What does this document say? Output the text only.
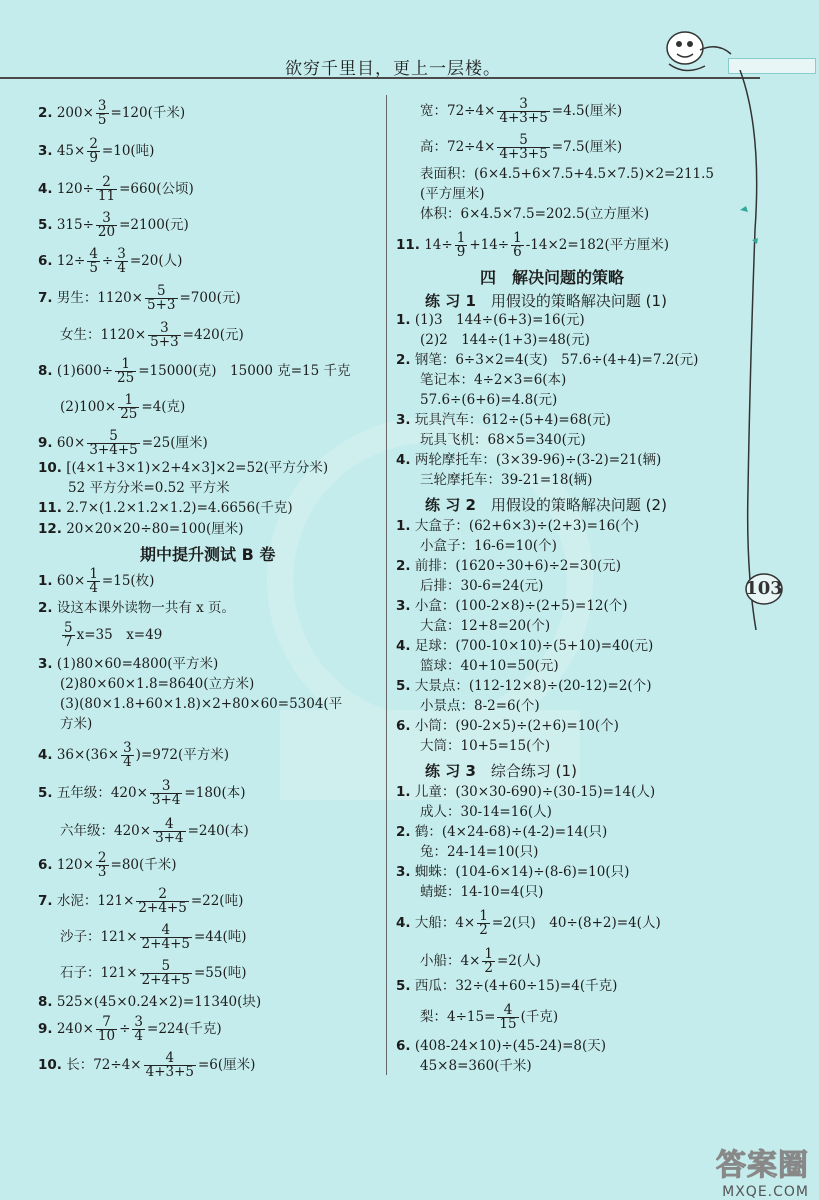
欲穷千里目，更上一层楼。
103
2. $200\times \frac{3}{5} =120$(千米)
3. $45\times \frac{2}{9} =10$(吨)
4. $120\div \frac{2}{11} =660$(公顷)
5. $315\div \frac{3}{20} =2100$(元)
6. $12\div \frac{4}{5} \div \frac{3}{4} =20$(人)
7. 男生：$1120\times \frac{5}{5+3} =700$(元)
女生：$1120\times \frac{3}{5+3} =420$(元)
8. $(1)600\div \frac{1}{25} =15000$(克)　15000 克=15 千克
$(2)100\times \frac{1}{25} =4$(克)
9. $60\times \frac{5}{3+4+5} =25$(厘米)
10. [(4×1+3×1)×2+4×3]×2=52(平方分米)
52 平方分米=0.52 平方米
11. 2.7×(1.2×1.2×1.2)=4.6656(千克)
12. 20×20×20÷80=100(厘米)
期中提升测试 B 卷
1. $60\times \frac{1}{4} =15$(枚)
2. 设这本课外读物一共有 x 页。
$\frac{5}{7} x=35$　x=49
3. (1)80×60=4800(平方米)
(2)80×60×1.8=8640(立方米)
(3)(80×1.8+60×1.8)×2+80×60=5304(平
方米)
4. $36\times(36\times \frac{3}{4} )=972$(平方米)
5. 五年级：$420\times \frac{3}{3+4} =180$(本)
六年级：$420\times \frac{4}{3+4} =240$(本)
6. $120\times \frac{2}{3} =80$(千米)
7. 水泥：$121\times \frac{2}{2+4+5} =22$(吨)
沙子：$121\times \frac{4}{2+4+5} =44$(吨)
石子：$121\times \frac{5}{2+4+5} =55$(吨)
8. 525×(45×0.24×2)=11340(块)
9. $240\times \frac{7}{10} \div \frac{3}{4} =224$(千克)
10. 长：$72\div 4\times \frac{4}{4+3+5} =6$(厘米)
宽：$72\div 4\times \frac{3}{4+3+5} =4.5$(厘米)
高：$72\div 4\times \frac{5}{4+3+5} =7.5$(厘米)
表面积：(6×4.5+6×7.5+4.5×7.5)×2=211.5
(平方厘米)
体积：6×4.5×7.5=202.5(立方厘米)
11. $14\div \frac{1}{9} +14\div \frac{1}{6} -14\times 2=182$(平方厘米)
四　解决问题的策略
练 习 1　 用假设的策略解决问题 (1)
1. (1)3　144÷(6+3)=16(元)
(2)2　144÷(1+3)=48(元)
2. 钢笔：6÷3×2=4(支)　57.6÷(4+4)=7.2(元)
笔记本：4÷2×3=6(本)
57.6÷(6+6)=4.8(元)
3. 玩具汽车：612÷(5+4)=68(元)
玩具飞机：68×5=340(元)
4. 两轮摩托车：(3×39-96)÷(3-2)=21(辆)
三轮摩托车：39-21=18(辆)
练 习 2　 用假设的策略解决问题 (2)
1. 大盒子：(62+6×3)÷(2+3)=16(个)
小盒子：16-6=10(个)
2. 前排：(1620÷30+6)÷2=30(元)
后排：30-6=24(元)
3. 小盒：(100-2×8)÷(2+5)=12(个)
大盒：12+8=20(个)
4. 足球：(700-10×10)÷(5+10)=40(元)
篮球：40+10=50(元)
5. 大景点：(112-12×8)÷(20-12)=2(个)
小景点：8-2=6(个)
6. 小筒：(90-2×5)÷(2+6)=10(个)
大筒：10+5=15(个)
练 习 3　 综合练习 (1)
1. 儿童：(30×30-690)÷(30-15)=14(人)
成人：30-14=16(人)
2. 鹤：(4×24-68)÷(4-2)=14(只)
兔：24-14=10(只)
3. 蜘蛛：(104-6×14)÷(8-6)=10(只)
蜻蜓：14-10=4(只)
4. 大船：$4\times \frac{1}{2} =2$(只)　40÷(8+2)=4(人)
小船：$4\times \frac{1}{2} =2$(人)
5. 西瓜：32÷(4+60÷15)=4(千克)
梨：$4\div 15= \frac{4}{15}$ (千克)
6. (408-24×10)÷(45-24)=8(天)
45×8=360(千米)
答案圈
MXQE.COM
